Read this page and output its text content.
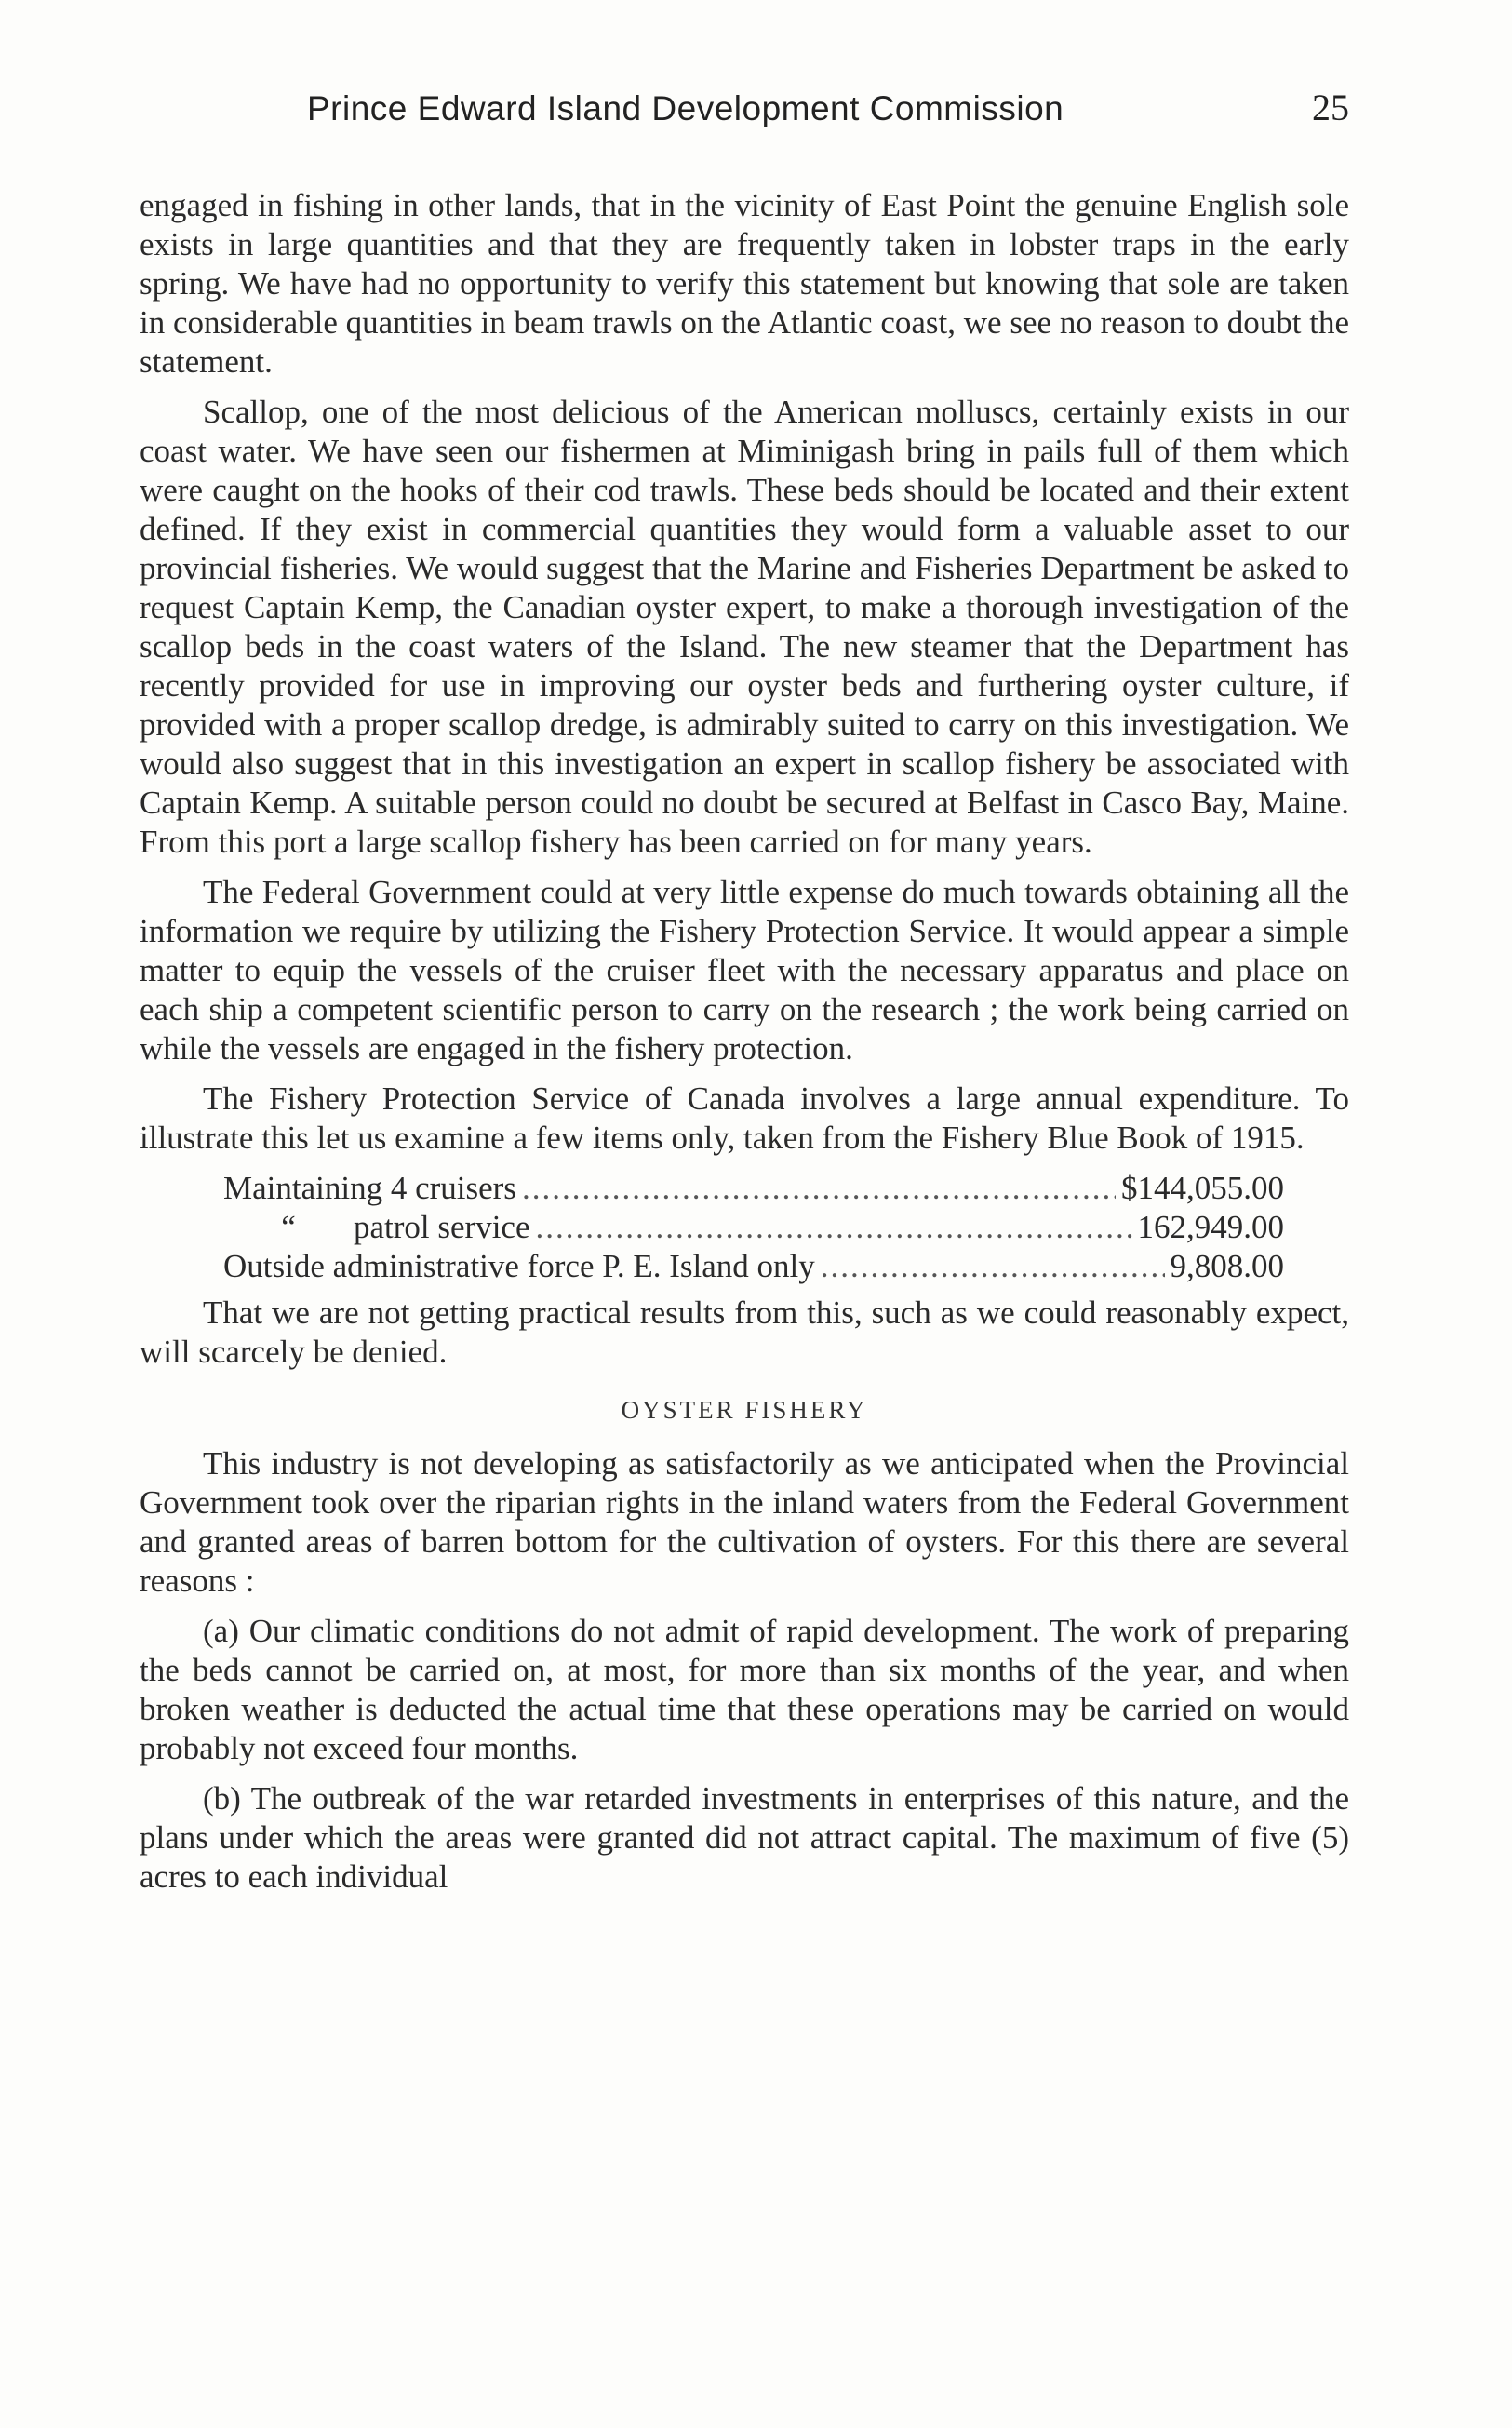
Prince Edward Island Development Commission	25

engaged in fishing in other lands, that in the vicinity of East Point the genuine English sole exists in large quantities and that they are frequently taken in lobster traps in the early spring. We have had no opportunity to verify this statement but knowing that sole are taken in considerable quantities in beam trawls on the Atlantic coast, we see no reason to doubt the statement.

Scallop, one of the most delicious of the American molluscs, certainly exists in our coast water. We have seen our fishermen at Miminigash bring in pails full of them which were caught on the hooks of their cod trawls. These beds should be located and their extent defined. If they exist in commercial quantities they would form a valuable asset to our provincial fisheries. We would suggest that the Marine and Fisheries Department be asked to request Captain Kemp, the Canadian oyster expert, to make a thorough investigation of the scallop beds in the coast waters of the Island. The new steamer that the Department has recently provided for use in improving our oyster beds and furthering oyster culture, if provided with a proper scallop dredge, is admirably suited to carry on this investigation. We would also suggest that in this investigation an expert in scallop fishery be associated with Captain Kemp. A suitable person could no doubt be secured at Belfast in Casco Bay, Maine. From this port a large scallop fishery has been carried on for many years.

The Federal Government could at very little expense do much towards obtaining all the information we require by utilizing the Fishery Protection Service. It would appear a simple matter to equip the vessels of the cruiser fleet with the necessary apparatus and place on each ship a competent scientific person to carry on the research ; the work being carried on while the vessels are engaged in the fishery protection.

The Fishery Protection Service of Canada involves a large annual expenditure. To illustrate this let us examine a few items only, taken from the Fishery Blue Book of 1915.

Maintaining 4 cruisers .....	$144,055.00
“ patrol service .....	162,949.00
Outside administrative force P. E. Island only .....	9,808.00

That we are not getting practical results from this, such as we could reasonably expect, will scarcely be denied.

OYSTER FISHERY

This industry is not developing as satisfactorily as we anticipated when the Provincial Government took over the riparian rights in the inland waters from the Federal Government and granted areas of barren bottom for the cultivation of oysters. For this there are several reasons :

(a) Our climatic conditions do not admit of rapid development. The work of preparing the beds cannot be carried on, at most, for more than six months of the year, and when broken weather is deducted the actual time that these operations may be carried on would probably not exceed four months.

(b) The outbreak of the war retarded investments in enterprises of this nature, and the plans under which the areas were granted did not attract capital. The maximum of five (5) acres to each individual
